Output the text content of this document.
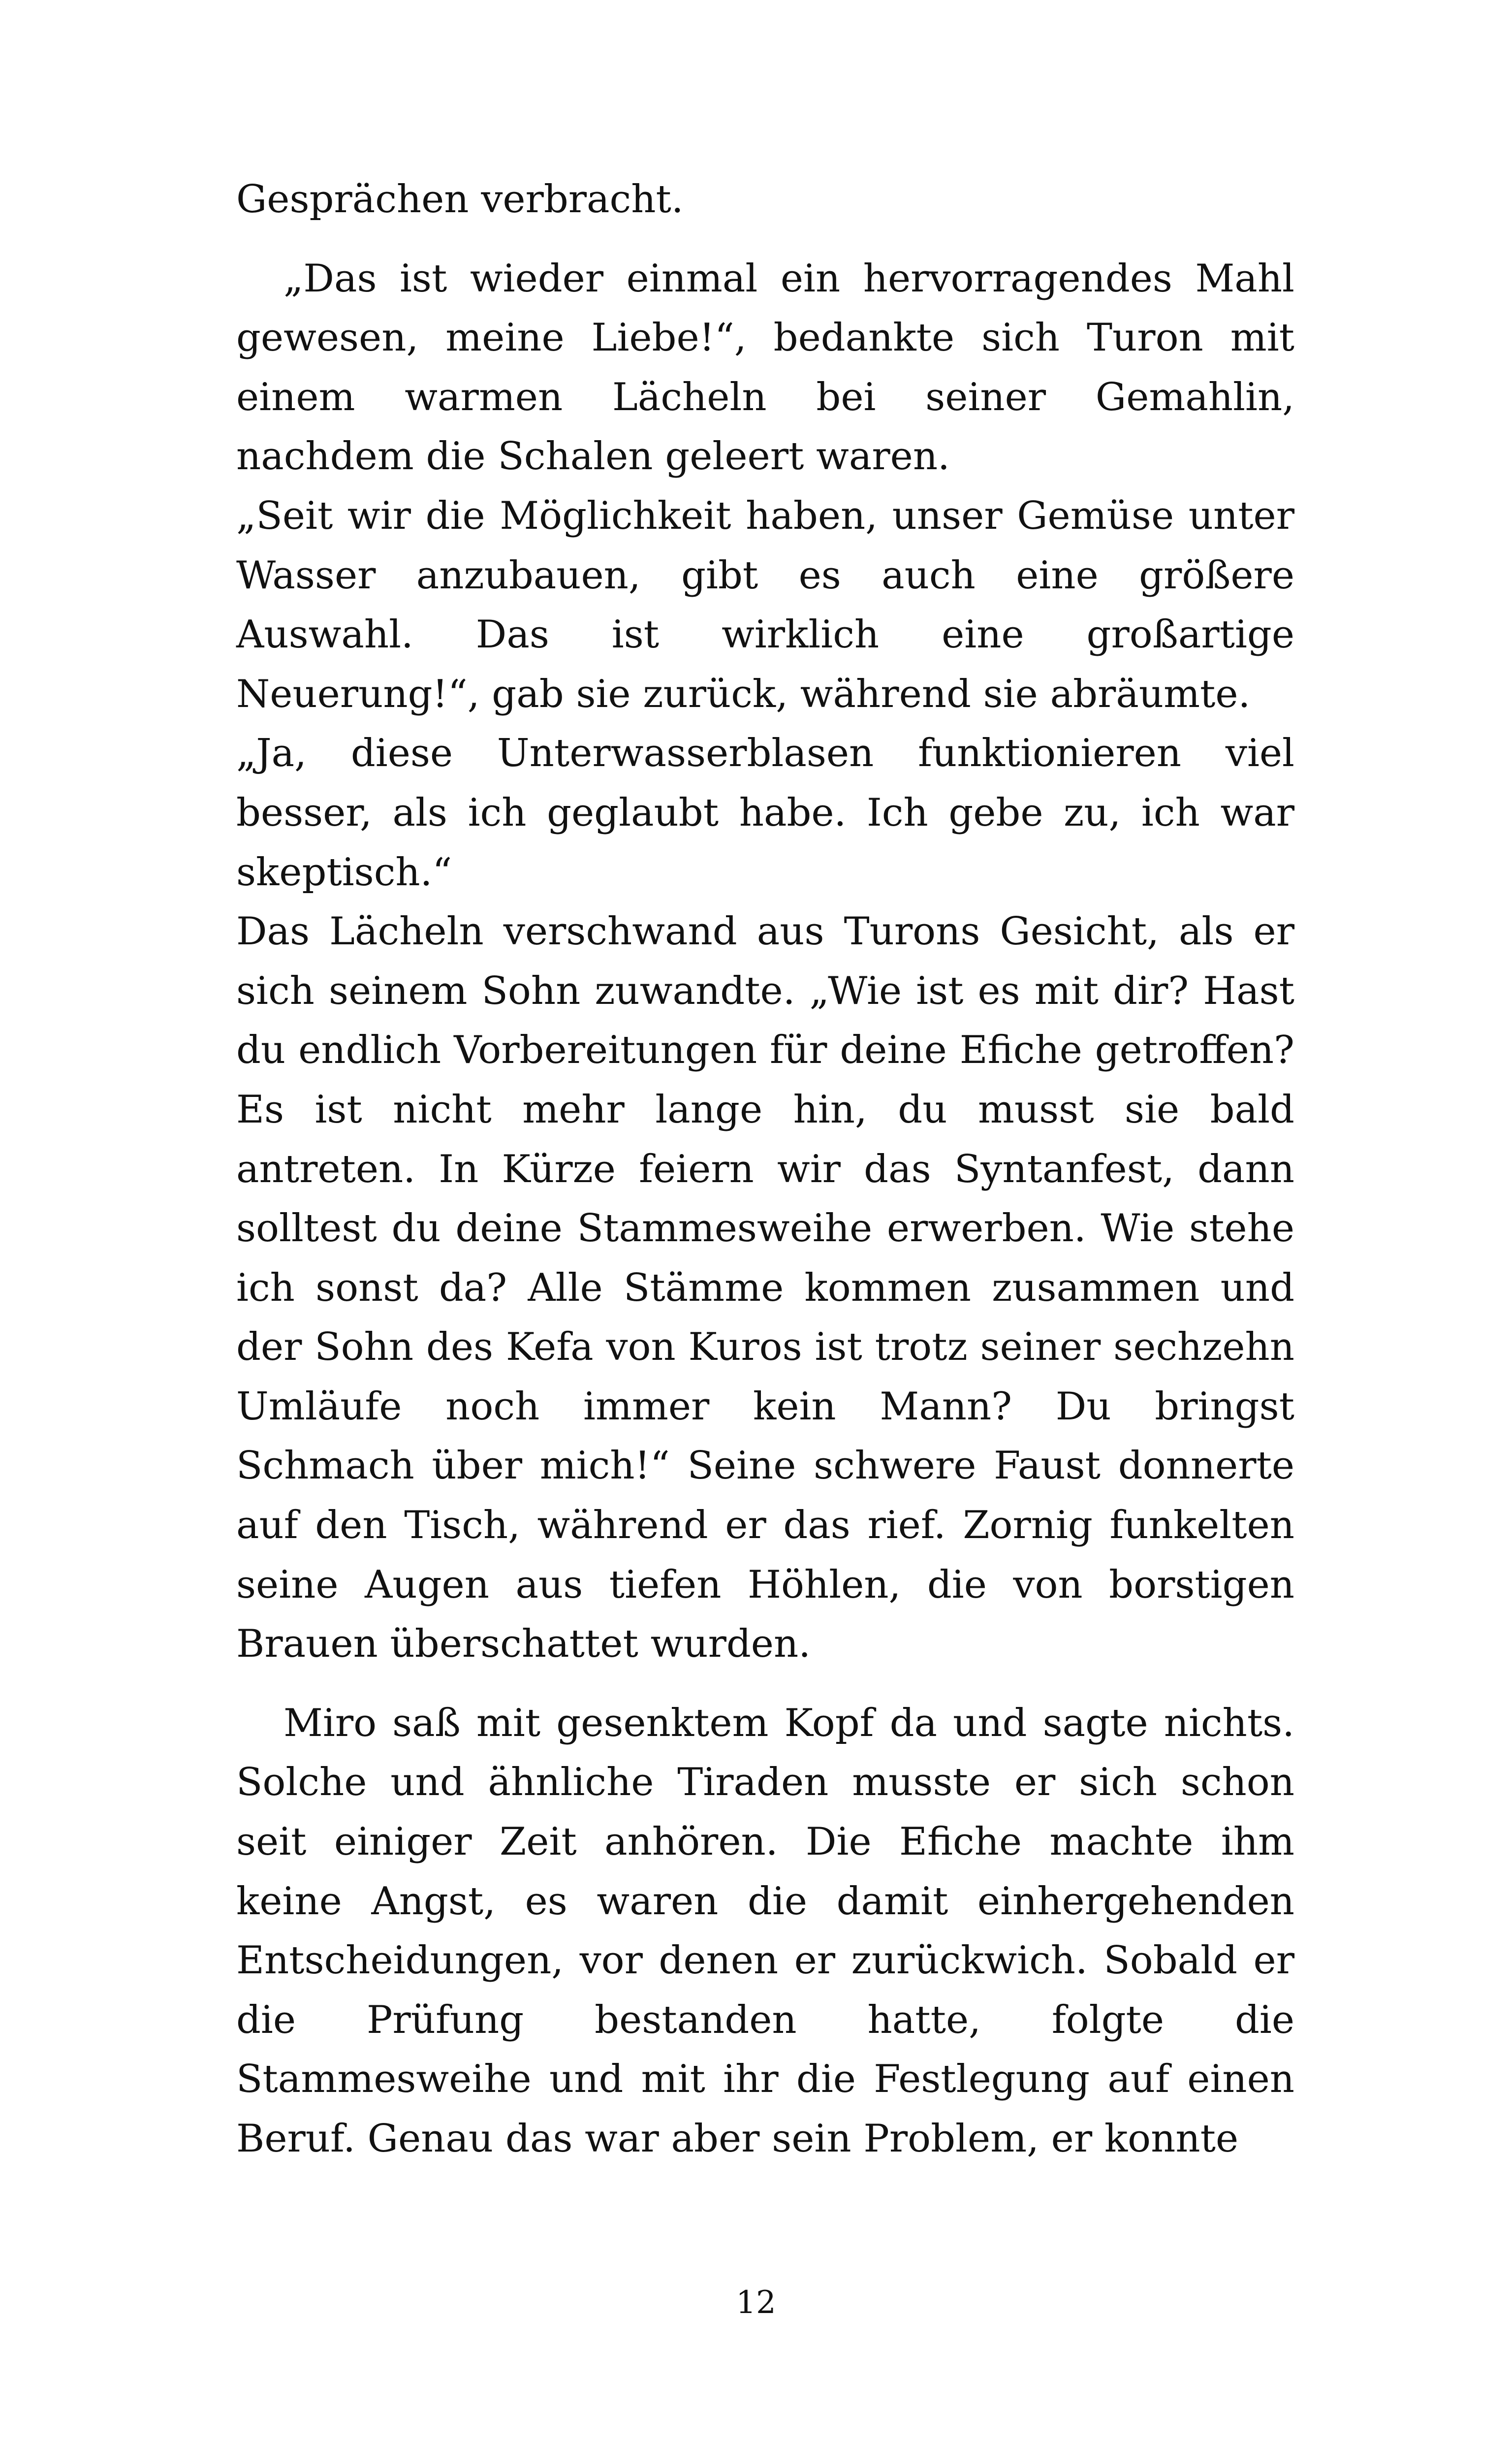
Gesprächen verbracht.

„Das ist wieder einmal ein hervorragendes Mahl gewesen, meine Liebe!“, bedankte sich Turon mit einem warmen Lächeln bei seiner Gemahlin, nachdem die Schalen geleert waren.

„Seit wir die Möglichkeit haben, unser Gemüse unter Wasser anzubauen, gibt es auch eine größere Auswahl. Das ist wirklich eine großartige Neuerung!“, gab sie zurück, während sie abräumte.

„Ja, diese Unterwasserblasen funktionieren viel besser, als ich geglaubt habe. Ich gebe zu, ich war skeptisch.“

Das Lächeln verschwand aus Turons Gesicht, als er sich seinem Sohn zuwandte. „Wie ist es mit dir? Hast du endlich Vorbereitungen für deine Efiche getroffen? Es ist nicht mehr lange hin, du musst sie bald antreten. In Kürze feiern wir das Syntanfest, dann solltest du deine Stammesweihe erwerben. Wie stehe ich sonst da? Alle Stämme kommen zusammen und der Sohn des Kefa von Kuros ist trotz seiner sechzehn Umläufe noch immer kein Mann? Du bringst Schmach über mich!“ Seine schwere Faust donnerte auf den Tisch, während er das rief. Zornig funkelten seine Augen aus tiefen Höhlen, die von borstigen Brauen überschattet wurden.

Miro saß mit gesenktem Kopf da und sagte nichts. Solche und ähnliche Tiraden musste er sich schon seit einiger Zeit anhören. Die Efiche machte ihm keine Angst, es waren die damit einhergehenden Entscheidungen, vor denen er zurückwich. Sobald er die Prüfung bestanden hatte, folgte die Stammesweihe und mit ihr die Festlegung auf einen Beruf. Genau das war aber sein Problem, er konnte

12
